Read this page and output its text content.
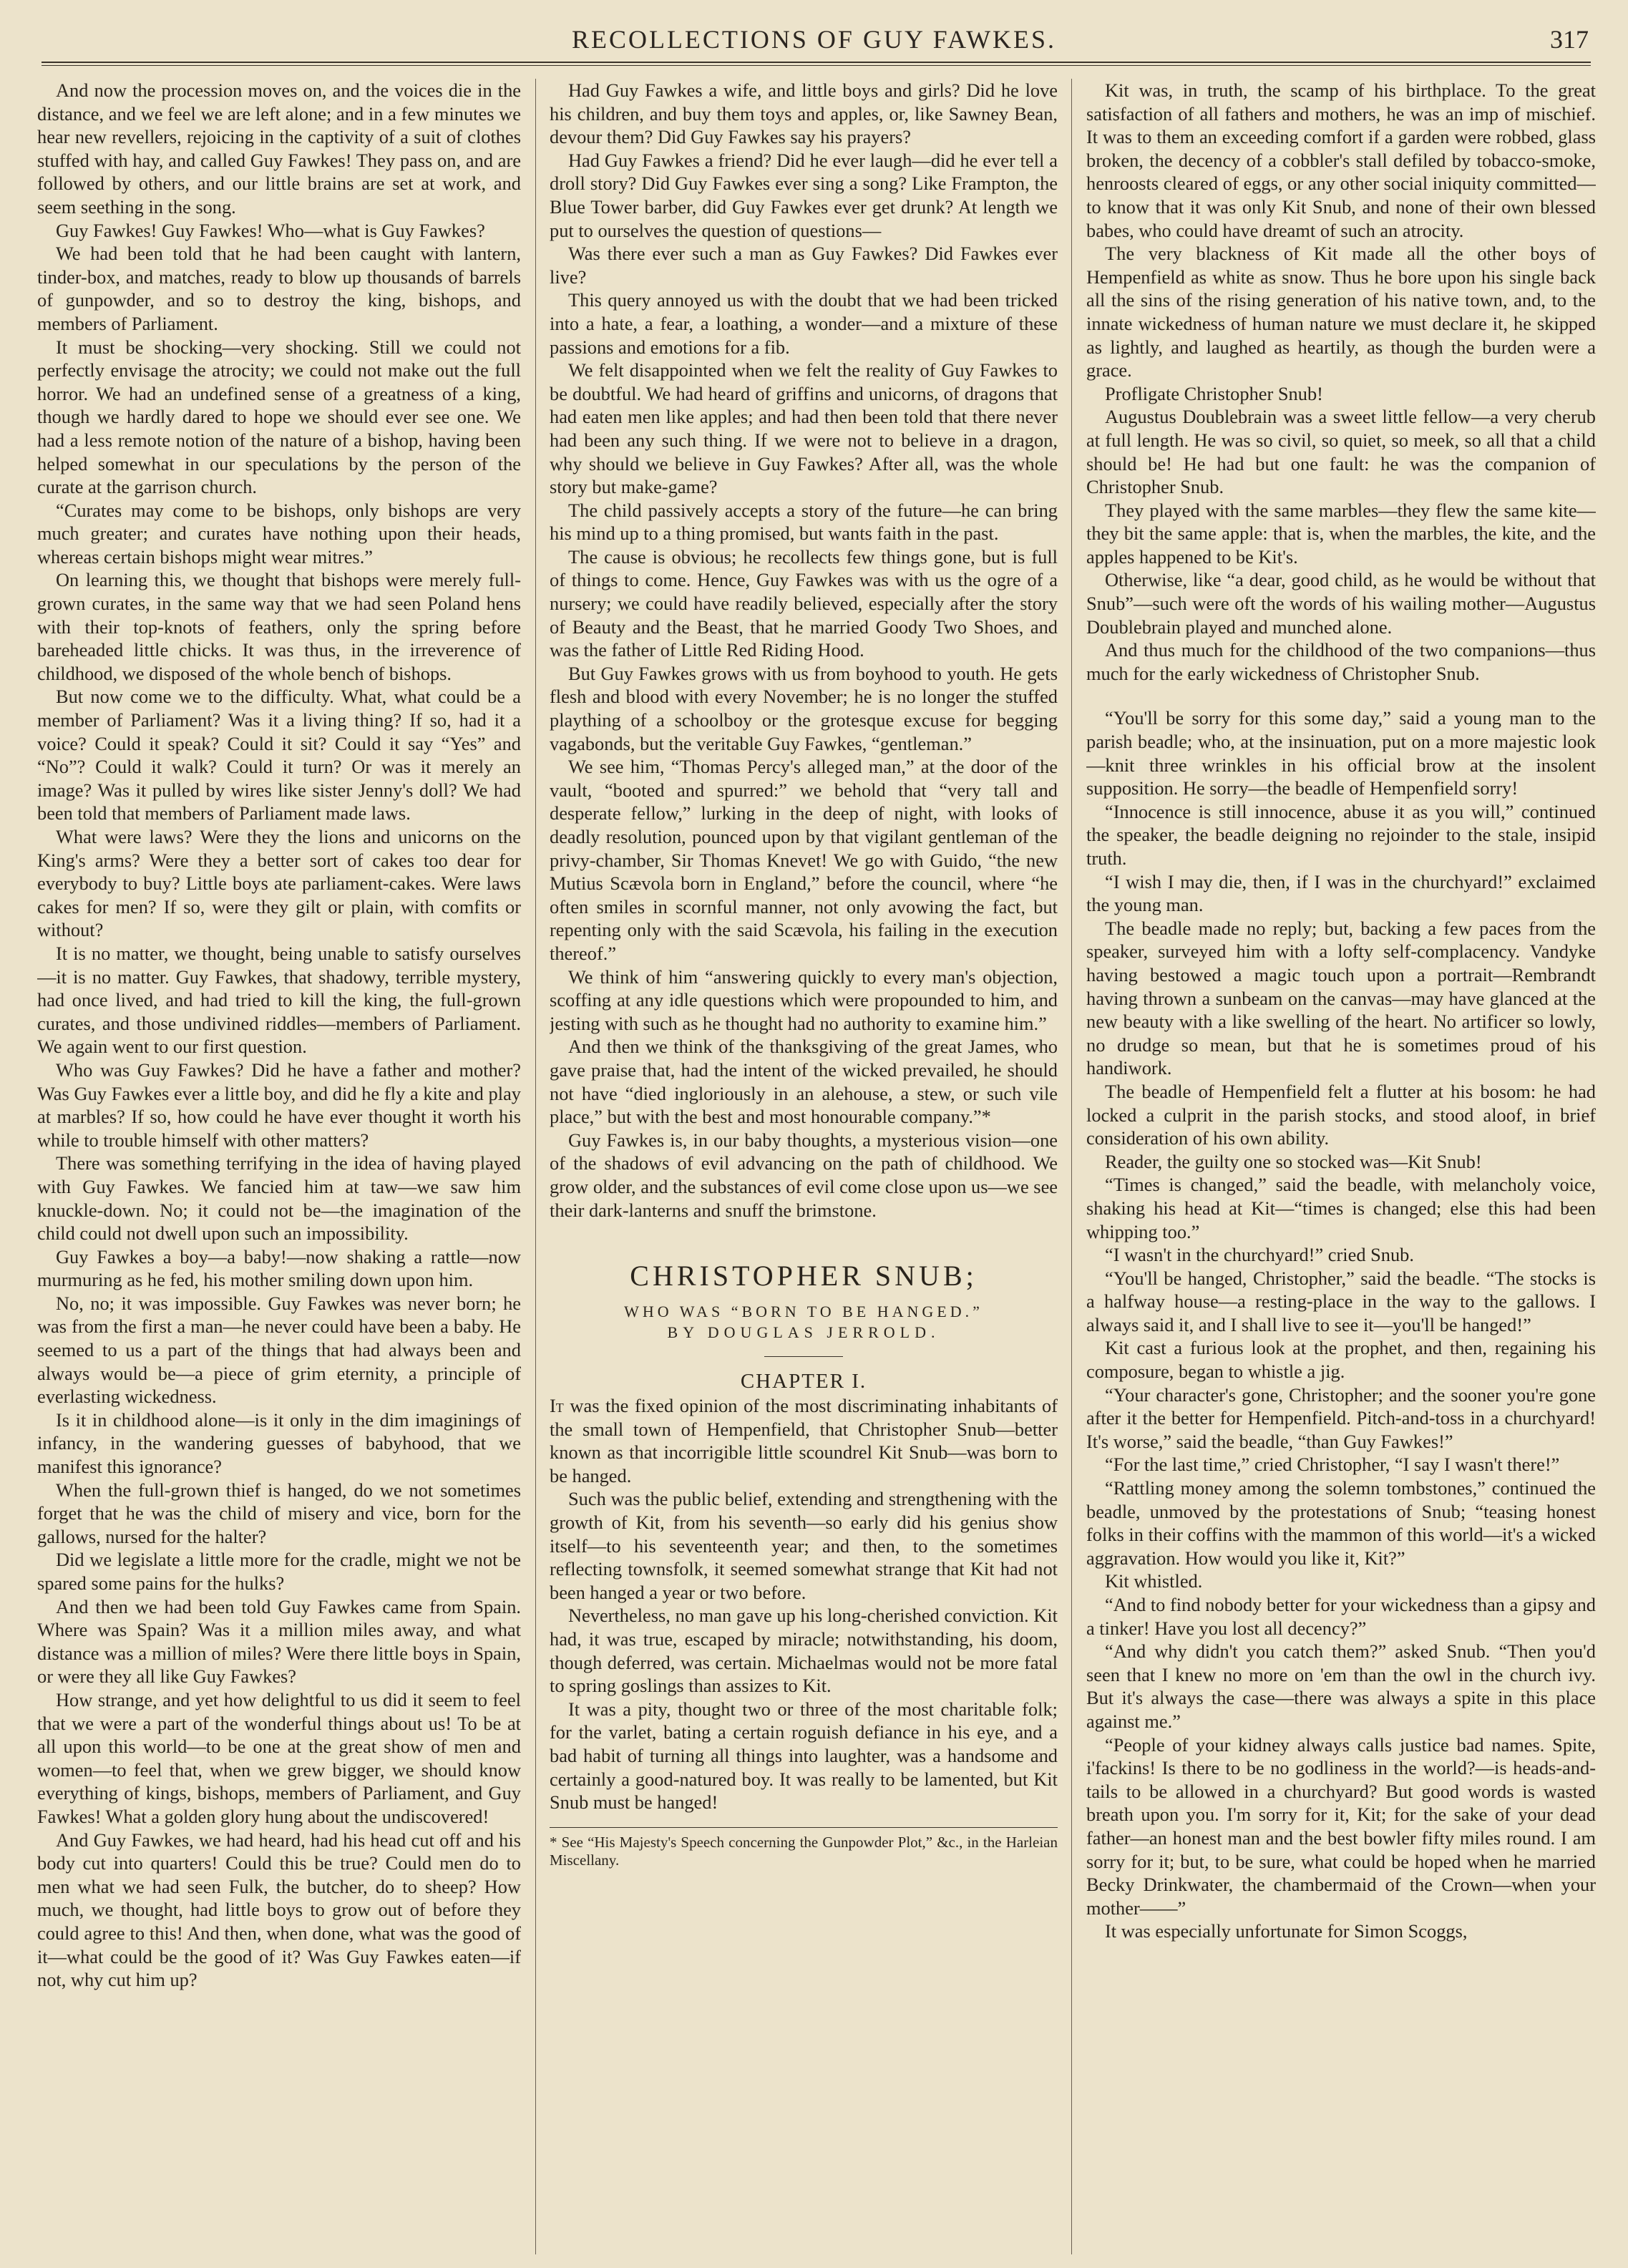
RECOLLECTIONS OF GUY FAWKES.	317

And now the procession moves on, and the voices die in the distance, and we feel we are left alone; and in a few minutes we hear new revellers, rejoicing in the captivity of a suit of clothes stuffed with hay, and called Guy Fawkes! They pass on, and are followed by others, and our little brains are set at work, and seem seething in the song.

Guy Fawkes! Guy Fawkes! Who—what is Guy Fawkes?

We had been told that he had been caught with lantern, tinder-box, and matches, ready to blow up thousands of barrels of gunpowder, and so to destroy the king, bishops, and members of Parliament.

It must be shocking—very shocking. Still we could not perfectly envisage the atrocity; we could not make out the full horror. We had an undefined sense of a greatness of a king, though we hardly dared to hope we should ever see one. We had a less remote notion of the nature of a bishop, having been helped somewhat in our speculations by the person of the curate at the garrison church.

“Curates may come to be bishops, only bishops are very much greater; and curates have nothing upon their heads, whereas certain bishops might wear mitres.”

On learning this, we thought that bishops were merely full-grown curates, in the same way that we had seen Poland hens with their top-knots of feathers, only the spring before bareheaded little chicks. It was thus, in the irreverence of childhood, we disposed of the whole bench of bishops.

But now come we to the difficulty. What, what could be a member of Parliament? Was it a living thing? If so, had it a voice? Could it speak? Could it sit? Could it say “Yes” and “No”? Could it walk? Could it turn? Or was it merely an image? Was it pulled by wires like sister Jenny's doll? We had been told that members of Parliament made laws.

What were laws? Were they the lions and unicorns on the King's arms? Were they a better sort of cakes too dear for everybody to buy? Little boys ate parliament-cakes. Were laws cakes for men? If so, were they gilt or plain, with comfits or without?

It is no matter, we thought, being unable to satisfy ourselves—it is no matter. Guy Fawkes, that shadowy, terrible mystery, had once lived, and had tried to kill the king, the full-grown curates, and those undivined riddles—members of Parliament. We again went to our first question.

Who was Guy Fawkes? Did he have a father and mother? Was Guy Fawkes ever a little boy, and did he fly a kite and play at marbles? If so, how could he have ever thought it worth his while to trouble himself with other matters?

There was something terrifying in the idea of having played with Guy Fawkes. We fancied him at taw—we saw him knuckle-down. No; it could not be—the imagination of the child could not dwell upon such an impossibility.

Guy Fawkes a boy—a baby!—now shaking a rattle—now murmuring as he fed, his mother smiling down upon him.

No, no; it was impossible. Guy Fawkes was never born; he was from the first a man—he never could have been a baby. He seemed to us a part of the things that had always been and always would be—a piece of grim eternity, a principle of everlasting wickedness.

Is it in childhood alone—is it only in the dim imaginings of infancy, in the wandering guesses of babyhood, that we manifest this ignorance?

When the full-grown thief is hanged, do we not sometimes forget that he was the child of misery and vice, born for the gallows, nursed for the halter?

Did we legislate a little more for the cradle, might we not be spared some pains for the hulks?

And then we had been told Guy Fawkes came from Spain. Where was Spain? Was it a million miles away, and what distance was a million of miles? Were there little boys in Spain, or were they all like Guy Fawkes?

How strange, and yet how delightful to us did it seem to feel that we were a part of the wonderful things about us! To be at all upon this world—to be one at the great show of men and women—to feel that, when we grew bigger, we should know everything of kings, bishops, members of Parliament, and Guy Fawkes! What a golden glory hung about the undiscovered!

And Guy Fawkes, we had heard, had his head cut off and his body cut into quarters! Could this be true? Could men do to men what we had seen Fulk, the butcher, do to sheep? How much, we thought, had little boys to grow out of before they could agree to this! And then, when done, what was the good of it—what could be the good of it? Was Guy Fawkes eaten—if not, why cut him up?

Had Guy Fawkes a wife, and little boys and girls? Did he love his children, and buy them toys and apples, or, like Sawney Bean, devour them? Did Guy Fawkes say his prayers?

Had Guy Fawkes a friend? Did he ever laugh—did he ever tell a droll story? Did Guy Fawkes ever sing a song? Like Frampton, the Blue Tower barber, did Guy Fawkes ever get drunk? At length we put to ourselves the question of questions—

Was there ever such a man as Guy Fawkes? Did Fawkes ever live?

This query annoyed us with the doubt that we had been tricked into a hate, a fear, a loathing, a wonder—and a mixture of these passions and emotions for a fib.

We felt disappointed when we felt the reality of Guy Fawkes to be doubtful. We had heard of griffins and unicorns, of dragons that had eaten men like apples; and had then been told that there never had been any such thing. If we were not to believe in a dragon, why should we believe in Guy Fawkes? After all, was the whole story but make-game?

The child passively accepts a story of the future—he can bring his mind up to a thing promised, but wants faith in the past.

The cause is obvious; he recollects few things gone, but is full of things to come. Hence, Guy Fawkes was with us the ogre of a nursery; we could have readily believed, especially after the story of Beauty and the Beast, that he married Goody Two Shoes, and was the father of Little Red Riding Hood.

But Guy Fawkes grows with us from boyhood to youth. He gets flesh and blood with every November; he is no longer the stuffed plaything of a schoolboy or the grotesque excuse for begging vagabonds, but the veritable Guy Fawkes, “gentleman.”

We see him, “Thomas Percy's alleged man,” at the door of the vault, “booted and spurred:” we behold that “very tall and desperate fellow,” lurking in the deep of night, with looks of deadly resolution, pounced upon by that vigilant gentleman of the privy-chamber, Sir Thomas Knevet! We go with Guido, “the new Mutius Scævola born in England,” before the council, where “he often smiles in scornful manner, not only avowing the fact, but repenting only with the said Scævola, his failing in the execution thereof.”

We think of him “answering quickly to every man's objection, scoffing at any idle questions which were propounded to him, and jesting with such as he thought had no authority to examine him.”

And then we think of the thanksgiving of the great James, who gave praise that, had the intent of the wicked prevailed, he should not have “died ingloriously in an alehouse, a stew, or such vile place,” but with the best and most honourable company.”*

Guy Fawkes is, in our baby thoughts, a mysterious vision—one of the shadows of evil advancing on the path of childhood. We grow older, and the substances of evil come close upon us—we see their dark-lanterns and snuff the brimstone.

CHRISTOPHER SNUB;
WHO WAS “BORN TO BE HANGED.”
BY DOUGLAS JERROLD.
CHAPTER I.

It was the fixed opinion of the most discriminating inhabitants of the small town of Hempenfield, that Christopher Snub—better known as that incorrigible little scoundrel Kit Snub—was born to be hanged.

Such was the public belief, extending and strengthening with the growth of Kit, from his seventh—so early did his genius show itself—to his seventeenth year; and then, to the sometimes reflecting townsfolk, it seemed somewhat strange that Kit had not been hanged a year or two before.

Nevertheless, no man gave up his long-cherished conviction. Kit had, it was true, escaped by miracle; notwithstanding, his doom, though deferred, was certain. Michaelmas would not be more fatal to spring goslings than assizes to Kit.

It was a pity, thought two or three of the most charitable folk; for the varlet, bating a certain roguish defiance in his eye, and a bad habit of turning all things into laughter, was a handsome and certainly a good-natured boy. It was really to be lamented, but Kit Snub must be hanged!

* See “His Majesty's Speech concerning the Gunpowder Plot,” &c., in the Harleian Miscellany.

Kit was, in truth, the scamp of his birthplace. To the great satisfaction of all fathers and mothers, he was an imp of mischief. It was to them an exceeding comfort if a garden were robbed, glass broken, the decency of a cobbler's stall defiled by tobacco-smoke, henroosts cleared of eggs, or any other social iniquity committed—to know that it was only Kit Snub, and none of their own blessed babes, who could have dreamt of such an atrocity.

The very blackness of Kit made all the other boys of Hempenfield as white as snow. Thus he bore upon his single back all the sins of the rising generation of his native town, and, to the innate wickedness of human nature we must declare it, he skipped as lightly, and laughed as heartily, as though the burden were a grace.

Profligate Christopher Snub!

Augustus Doublebrain was a sweet little fellow—a very cherub at full length. He was so civil, so quiet, so meek, so all that a child should be! He had but one fault: he was the companion of Christopher Snub.

They played with the same marbles—they flew the same kite—they bit the same apple: that is, when the marbles, the kite, and the apples happened to be Kit's.

Otherwise, like “a dear, good child, as he would be without that Snub”—such were oft the words of his wailing mother—Augustus Doublebrain played and munched alone.

And thus much for the childhood of the two companions—thus much for the early wickedness of Christopher Snub.

“You'll be sorry for this some day,” said a young man to the parish beadle; who, at the insinuation, put on a more majestic look—knit three wrinkles in his official brow at the insolent supposition. He sorry—the beadle of Hempenfield sorry!

“Innocence is still innocence, abuse it as you will,” continued the speaker, the beadle deigning no rejoinder to the stale, insipid truth.

“I wish I may die, then, if I was in the churchyard!” exclaimed the young man.

The beadle made no reply; but, backing a few paces from the speaker, surveyed him with a lofty self-complacency. Vandyke having bestowed a magic touch upon a portrait—Rembrandt having thrown a sunbeam on the canvas—may have glanced at the new beauty with a like swelling of the heart. No artificer so lowly, no drudge so mean, but that he is sometimes proud of his handiwork.

The beadle of Hempenfield felt a flutter at his bosom: he had locked a culprit in the parish stocks, and stood aloof, in brief consideration of his own ability.

Reader, the guilty one so stocked was—Kit Snub!

“Times is changed,” said the beadle, with melancholy voice, shaking his head at Kit—“times is changed; else this had been whipping too.”

“I wasn't in the churchyard!” cried Snub.

“You'll be hanged, Christopher,” said the beadle. “The stocks is a halfway house—a resting-place in the way to the gallows. I always said it, and I shall live to see it—you'll be hanged!”

Kit cast a furious look at the prophet, and then, regaining his composure, began to whistle a jig.

“Your character's gone, Christopher; and the sooner you're gone after it the better for Hempenfield. Pitch-and-toss in a churchyard! It's worse,” said the beadle, “than Guy Fawkes!”

“For the last time,” cried Christopher, “I say I wasn't there!”

“Rattling money among the solemn tombstones,” continued the beadle, unmoved by the protestations of Snub; “teasing honest folks in their coffins with the mammon of this world—it's a wicked aggravation. How would you like it, Kit?”

Kit whistled.

“And to find nobody better for your wickedness than a gipsy and a tinker! Have you lost all decency?”

“And why didn't you catch them?” asked Snub. “Then you'd seen that I knew no more on 'em than the owl in the church ivy. But it's always the case—there was always a spite in this place against me.”

“People of your kidney always calls justice bad names. Spite, i'fackins! Is there to be no godliness in the world?—is heads-and-tails to be allowed in a churchyard? But good words is wasted breath upon you. I'm sorry for it, Kit; for the sake of your dead father—an honest man and the best bowler fifty miles round. I am sorry for it; but, to be sure, what could be hoped when he married Becky Drinkwater, the chambermaid of the Crown—when your mother——”

It was especially unfortunate for Simon Scoggs,
